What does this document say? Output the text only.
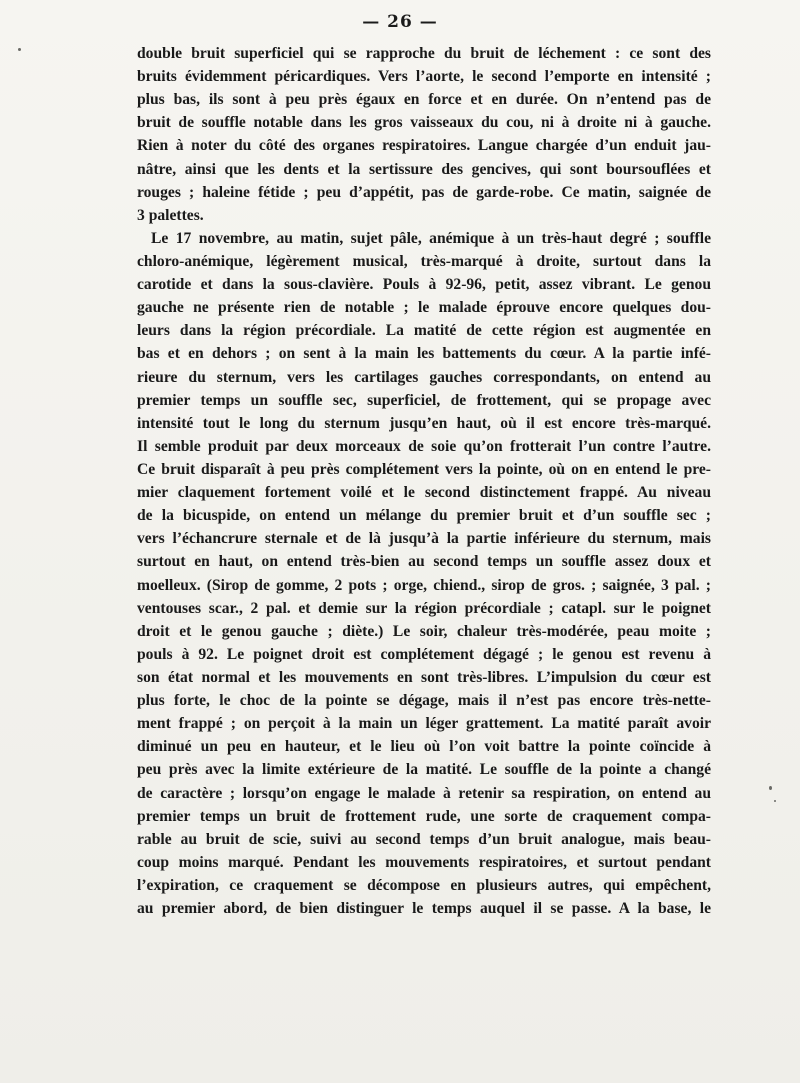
— 26 —
double bruit superficiel qui se rapproche du bruit de léchement : ce sont des
bruits évidemment péricardiques. Vers l’aorte, le second l’emporte en intensité ;
plus bas, ils sont à peu près égaux en force et en durée. On n’entend pas de
bruit de souffle notable dans les gros vaisseaux du cou, ni à droite ni à gauche.
Rien à noter du côté des organes respiratoires. Langue chargée d’un enduit jau-
nâtre, ainsi que les dents et la sertissure des gencives, qui sont boursouflées et
rouges ; haleine fétide ; peu d’appétit, pas de garde-robe. Ce matin, saignée de
3 palettes.
Le 17 novembre, au matin, sujet pâle, anémique à un très-haut degré ; souffle
chloro-anémique, légèrement musical, très-marqué à droite, surtout dans la
carotide et dans la sous-clavière. Pouls à 92-96, petit, assez vibrant. Le genou
gauche ne présente rien de notable ; le malade éprouve encore quelques dou-
leurs dans la région précordiale. La matité de cette région est augmentée en
bas et en dehors ; on sent à la main les battements du cœur. A la partie infé-
rieure du sternum, vers les cartilages gauches correspondants, on entend au
premier temps un souffle sec, superficiel, de frottement, qui se propage avec
intensité tout le long du sternum jusqu’en haut, où il est encore très-marqué.
Il semble produit par deux morceaux de soie qu’on frotterait l’un contre l’autre.
Ce bruit disparaît à peu près complétement vers la pointe, où on en entend le pre-
mier claquement fortement voilé et le second distinctement frappé. Au niveau
de la bicuspide, on entend un mélange du premier bruit et d’un souffle sec ;
vers l’échancrure sternale et de là jusqu’à la partie inférieure du sternum, mais
surtout en haut, on entend très-bien au second temps un souffle assez doux et
moelleux. (Sirop de gomme, 2 pots ; orge, chiend., sirop de gros. ; saignée, 3 pal. ;
ventouses scar., 2 pal. et demie sur la région précordiale ; catapl. sur le poignet
droit et le genou gauche ; diète.) Le soir, chaleur très-modérée, peau moite ;
pouls à 92. Le poignet droit est complétement dégagé ; le genou est revenu à
son état normal et les mouvements en sont très-libres. L’impulsion du cœur est
plus forte, le choc de la pointe se dégage, mais il n’est pas encore très-nette-
ment frappé ; on perçoit à la main un léger grattement. La matité paraît avoir
diminué un peu en hauteur, et le lieu où l’on voit battre la pointe coïncide à
peu près avec la limite extérieure de la matité. Le souffle de la pointe a changé
de caractère ; lorsqu’on engage le malade à retenir sa respiration, on entend au
premier temps un bruit de frottement rude, une sorte de craquement compa-
rable au bruit de scie, suivi au second temps d’un bruit analogue, mais beau-
coup moins marqué. Pendant les mouvements respiratoires, et surtout pendant
l’expiration, ce craquement se décompose en plusieurs autres, qui empêchent,
au premier abord, de bien distinguer le temps auquel il se passe. A la base, le
